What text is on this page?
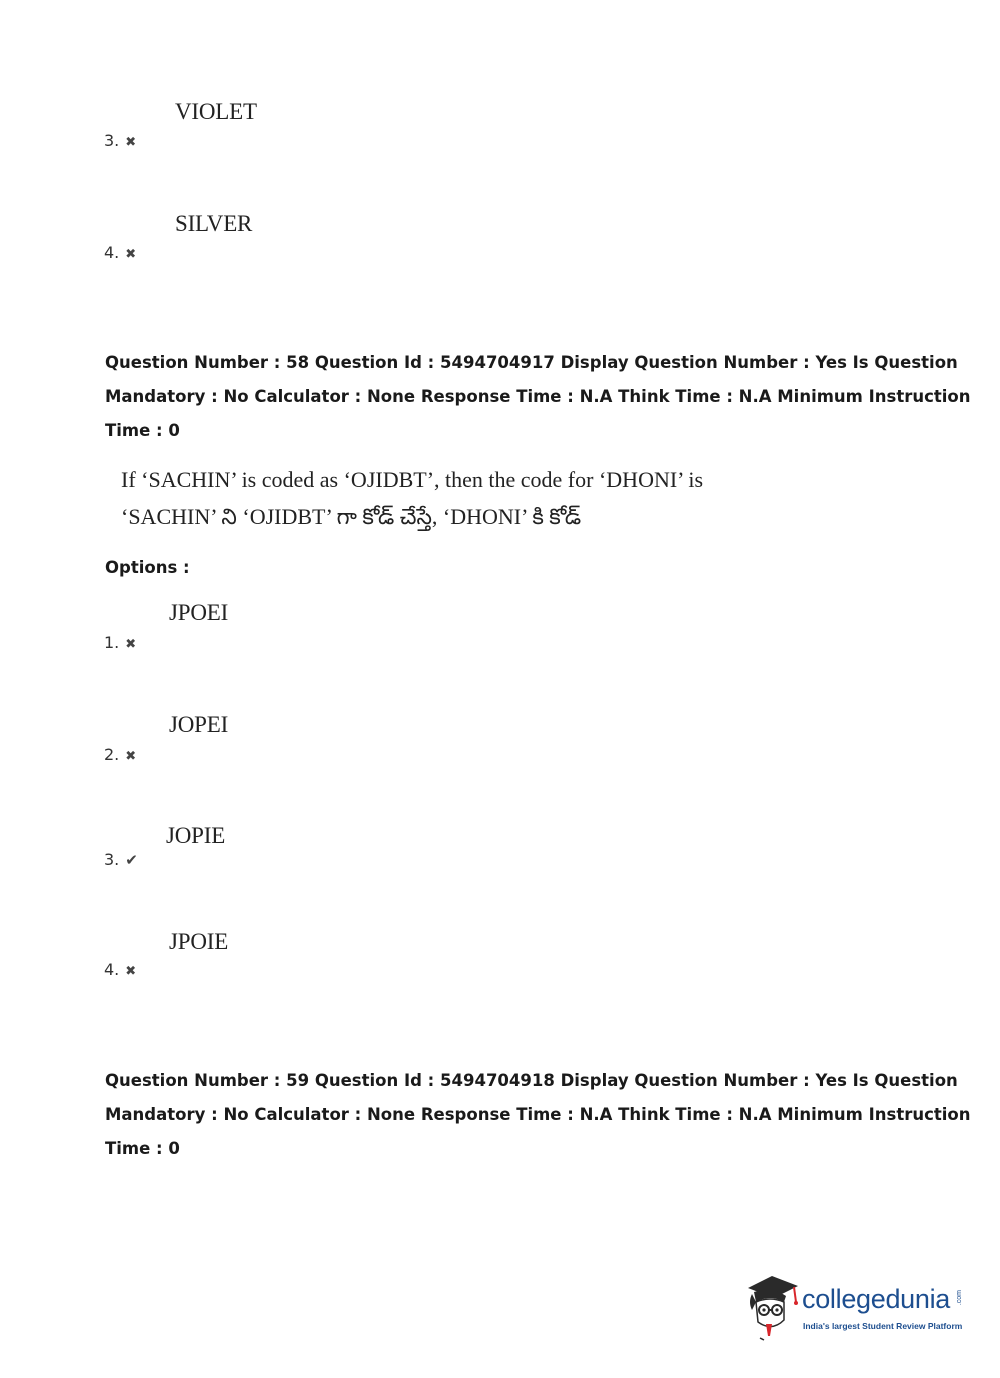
VIOLET
3. ✖
SILVER
4. ✖
Question Number : 58 Question Id : 5494704917 Display Question Number : Yes Is Question
Mandatory : No Calculator : None Response Time : N.A Think Time : N.A Minimum Instruction
Time : 0
If ‘SACHIN’ is coded as ‘OJIDBT’, then the code for ‘DHONI’ is
‘SACHIN’ ని ‘OJIDBT’ గా కోడ్ చేస్తే, ‘DHONI’ కి కోడ్
Options :
JPOEI
1. ✖
JOPEI
2. ✖
JOPIE
3. ✔
JPOIE
4. ✖
Question Number : 59 Question Id : 5494704918 Display Question Number : Yes Is Question
Mandatory : No Calculator : None Response Time : N.A Think Time : N.A Minimum Instruction
Time : 0
collegedunia .com
India's largest Student Review Platform
